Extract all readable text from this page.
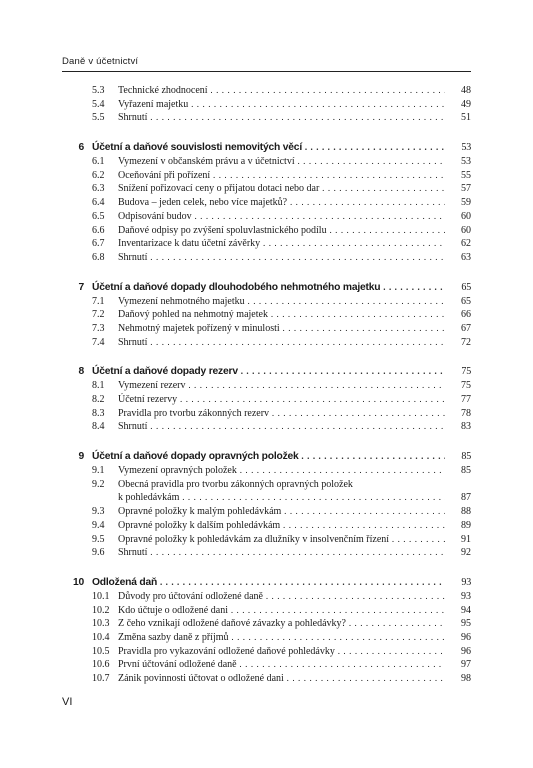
Daně v účetnictví
5.3 Technické zhodnocení . . .	48
5.4 Vyřazení majetku . . .	49
5.5 Shrnutí . . .	51
6 Účetní a daňové souvislosti nemovitých věcí . . .	53
6.1 Vymezení v občanském právu a v účetnictví . . .	53
6.2 Oceňování při pořízení . . .	55
6.3 Snížení pořizovací ceny o přijatou dotaci nebo dar . . .	57
6.4 Budova – jeden celek, nebo více majetků? . . .	59
6.5 Odpisování budov . . .	60
6.6 Daňové odpisy po zvýšení spoluvlastnického podílu . . .	60
6.7 Inventarizace k datu účetní závěrky . . .	62
6.8 Shrnutí . . .	63
7 Účetní a daňové dopady dlouhodobého nehmotného majetku . . .	65
7.1 Vymezení nehmotného majetku . . .	65
7.2 Daňový pohled na nehmotný majetek . . .	66
7.3 Nehmotný majetek pořízený v minulosti . . .	67
7.4 Shrnutí . . .	72
8 Účetní a daňové dopady rezerv . . .	75
8.1 Vymezení rezerv . . .	75
8.2 Účetní rezervy . . .	77
8.3 Pravidla pro tvorbu zákonných rezerv . . .	78
8.4 Shrnutí . . .	83
9 Účetní a daňové dopady opravných položek . . .	85
9.1 Vymezení opravných položek . . .	85
9.2 Obecná pravidla pro tvorbu zákonných opravných položek
k pohledávkám . . .	87
9.3 Opravné položky k malým pohledávkám . . .	88
9.4 Opravné položky k dalším pohledávkám . . .	89
9.5 Opravné položky k pohledávkám za dlužníky v insolvenčním řízení . . .	91
9.6 Shrnutí . . .	92
10 Odložená daň . . .	93
10.1 Důvody pro účtování odložené daně . . .	93
10.2 Kdo účtuje o odložené dani . . .	94
10.3 Z čeho vznikají odložené daňové závazky a pohledávky? . . .	95
10.4 Změna sazby daně z příjmů . . .	96
10.5 Pravidla pro vykazování odložené daňové pohledávky . . .	96
10.6 První účtování odložené daně . . .	97
10.7 Zánik povinnosti účtovat o odložené dani . . .	98
VI
